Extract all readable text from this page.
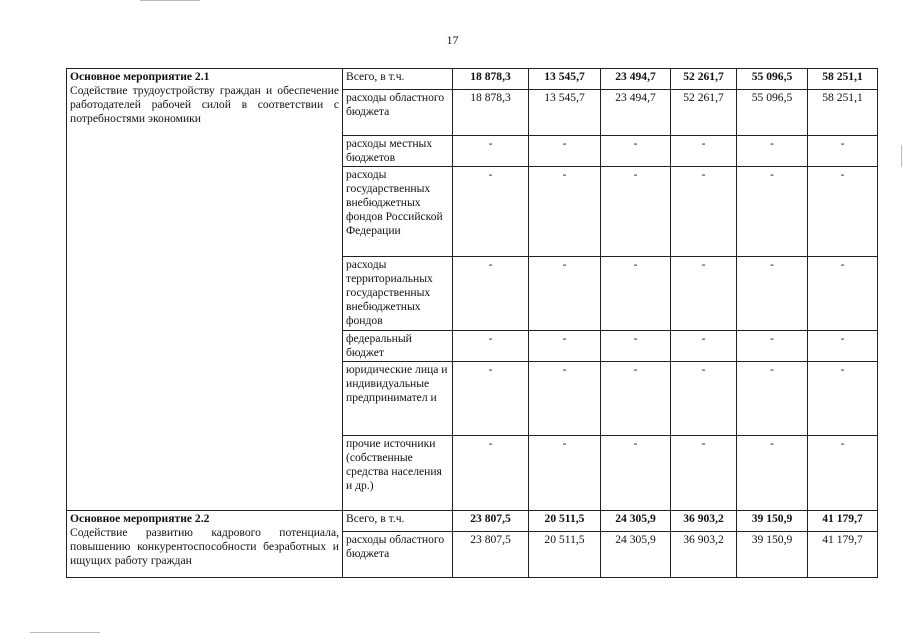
17
Основное мероприятие 2.1
Содействие трудоустройству граждан и обеспечение работодателей рабочей силой в соответствии с потребностями экономики	Всего, в т.ч.	18 878,3	13 545,7	23 494,7	52 261,7	55 096,5	58 251,1
	расходы областного бюджета	18 878,3	13 545,7	23 494,7	52 261,7	55 096,5	58 251,1
	расходы местных бюджетов	-	-	-	-	-	-
	расходы государственных внебюджетных фондов Российской Федерации	-	-	-	-	-	-
	расходы территориальных государственных внебюджетных фондов	-	-	-	-	-	-
	федеральный бюджет	-	-	-	-	-	-
	юридические лица и индивидуальные предпринимател и	-	-	-	-	-	-
	прочие источники (собственные средства населения и др.)	-	-	-	-	-	-

Основное мероприятие 2.2
Содействие развитию кадрового потенциала, повышению конкурентоспособности безработных и ищущих работу граждан	Всего, в т.ч.	23 807,5	20 511,5	24 305,9	36 903,2	39 150,9	41 179,7
	расходы областного бюджета	23 807,5	20 511,5	24 305,9	36 903,2	39 150,9	41 179,7
